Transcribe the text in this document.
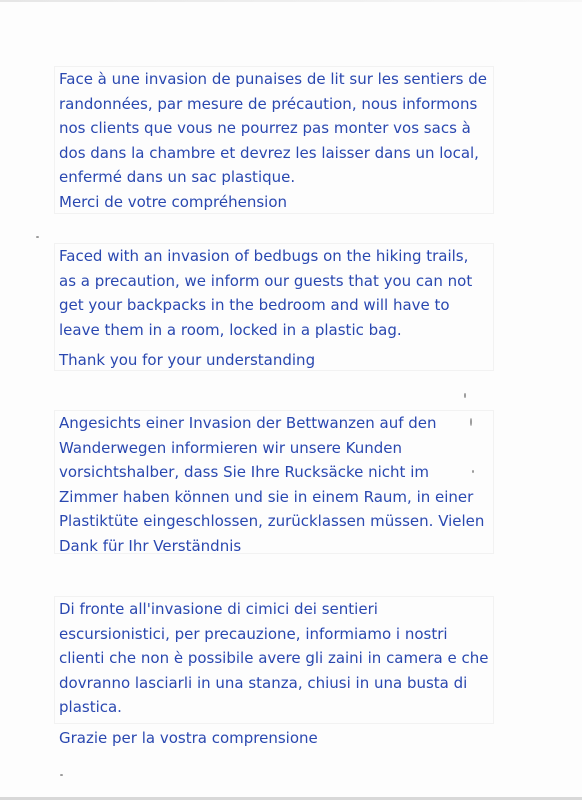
Face à une invasion de punaises de lit sur les sentiers de randonnées, par mesure de précaution, nous informons nos clients que vous ne pourrez pas monter vos sacs à dos dans la chambre et devrez les laisser dans un local, enfermé dans un sac plastique.

Merci de votre compréhension

Faced with an invasion of bedbugs on the hiking trails, as a precaution, we inform our guests that you can not get your backpacks in the bedroom and will have to leave them in a room, locked in a plastic bag.

Thank you for your understanding

Angesichts einer Invasion der Bettwanzen auf den Wanderwegen informieren wir unsere Kunden vorsichtshalber, dass Sie Ihre Rucksäcke nicht im Zimmer haben können und sie in einem Raum, in einer Plastiktüte eingeschlossen, zurücklassen müssen. Vielen Dank für Ihr Verständnis

Di fronte all'invasione di cimici dei sentieri escursionistici, per precauzione, informiamo i nostri clienti che non è possibile avere gli zaini in camera e che dovranno lasciarli in una stanza, chiusi in una busta di plastica.

Grazie per la vostra comprensione
